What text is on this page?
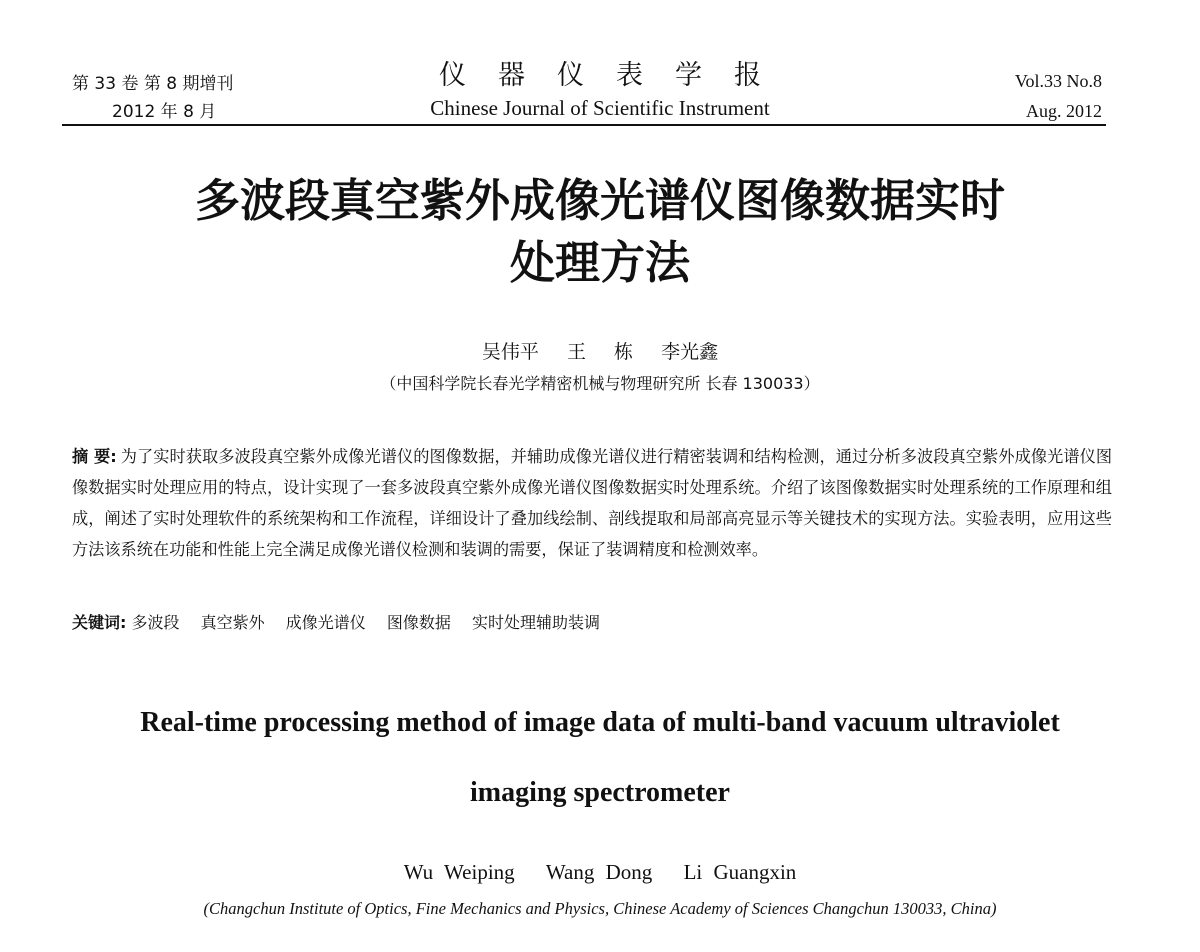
第 33 卷 第 8 期增刊
2012 年 8 月
仪器仪表学报
Chinese Journal of Scientific Instrument
Vol.33 No.8
Aug. 2012
多波段真空紫外成像光谱仪图像数据实时
处理方法
吴伟平 王 栋 李光鑫
（中国科学院长春光学精密机械与物理研究所 长春 130033）
摘 要: 为了实时获取多波段真空紫外成像光谱仪的图像数据，并辅助成像光谱仪进行精密装调和结构检测，通过分析多波段真空紫外成像光谱仪图像数据实时处理应用的特点，设计实现了一套多波段真空紫外成像光谱仪图像数据实时处理系统。介绍了该图像数据实时处理系统的工作原理和组成，阐述了实时处理软件的系统架构和工作流程，详细设计了叠加线绘制、剖线提取和局部高亮显示等关键技术的实现方法。实验表明，应用这些方法该系统在功能和性能上完全满足成像光谱仪检测和装调的需要，保证了装调精度和检测效率。
关键词: 多波段 真空紫外 成像光谱仪 图像数据 实时处理辅助装调
Real-time processing method of image data of multi-band vacuum ultraviolet
imaging spectrometer
Wu Weiping Wang Dong Li Guangxin
(Changchun Institute of Optics, Fine Mechanics and Physics, Chinese Academy of Sciences Changchun 130033, China)
